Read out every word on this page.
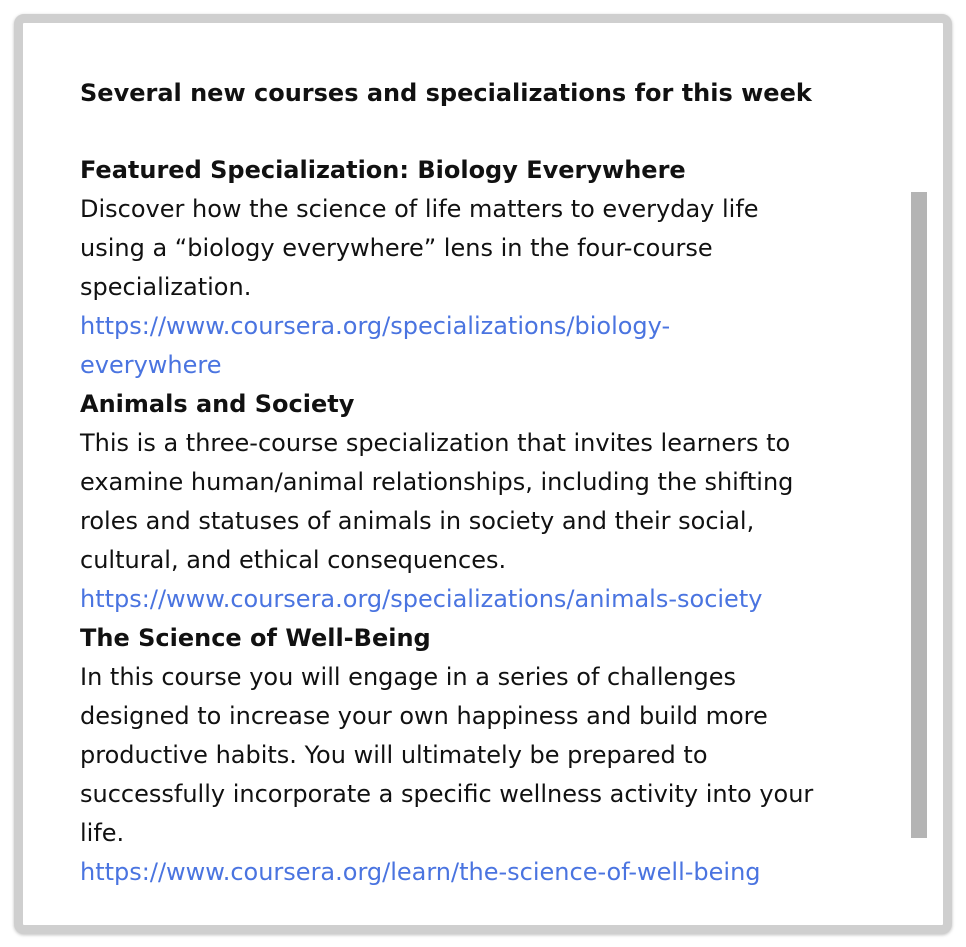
Several new courses and specializations for this week
Featured Specialization: Biology Everywhere
Discover how the science of life matters to everyday life
using a “biology everywhere” lens in the four-course
specialization.
https://www.coursera.org/specializations/biology-
everywhere
Animals and Society
This is a three-course specialization that invites learners to
examine human/animal relationships, including the shifting
roles and statuses of animals in society and their social,
cultural, and ethical consequences.
https://www.coursera.org/specializations/animals-society
The Science of Well-Being
In this course you will engage in a series of challenges
designed to increase your own happiness and build more
productive habits. You will ultimately be prepared to
successfully incorporate a specific wellness activity into your
life.
https://www.coursera.org/learn/the-science-of-well-being
